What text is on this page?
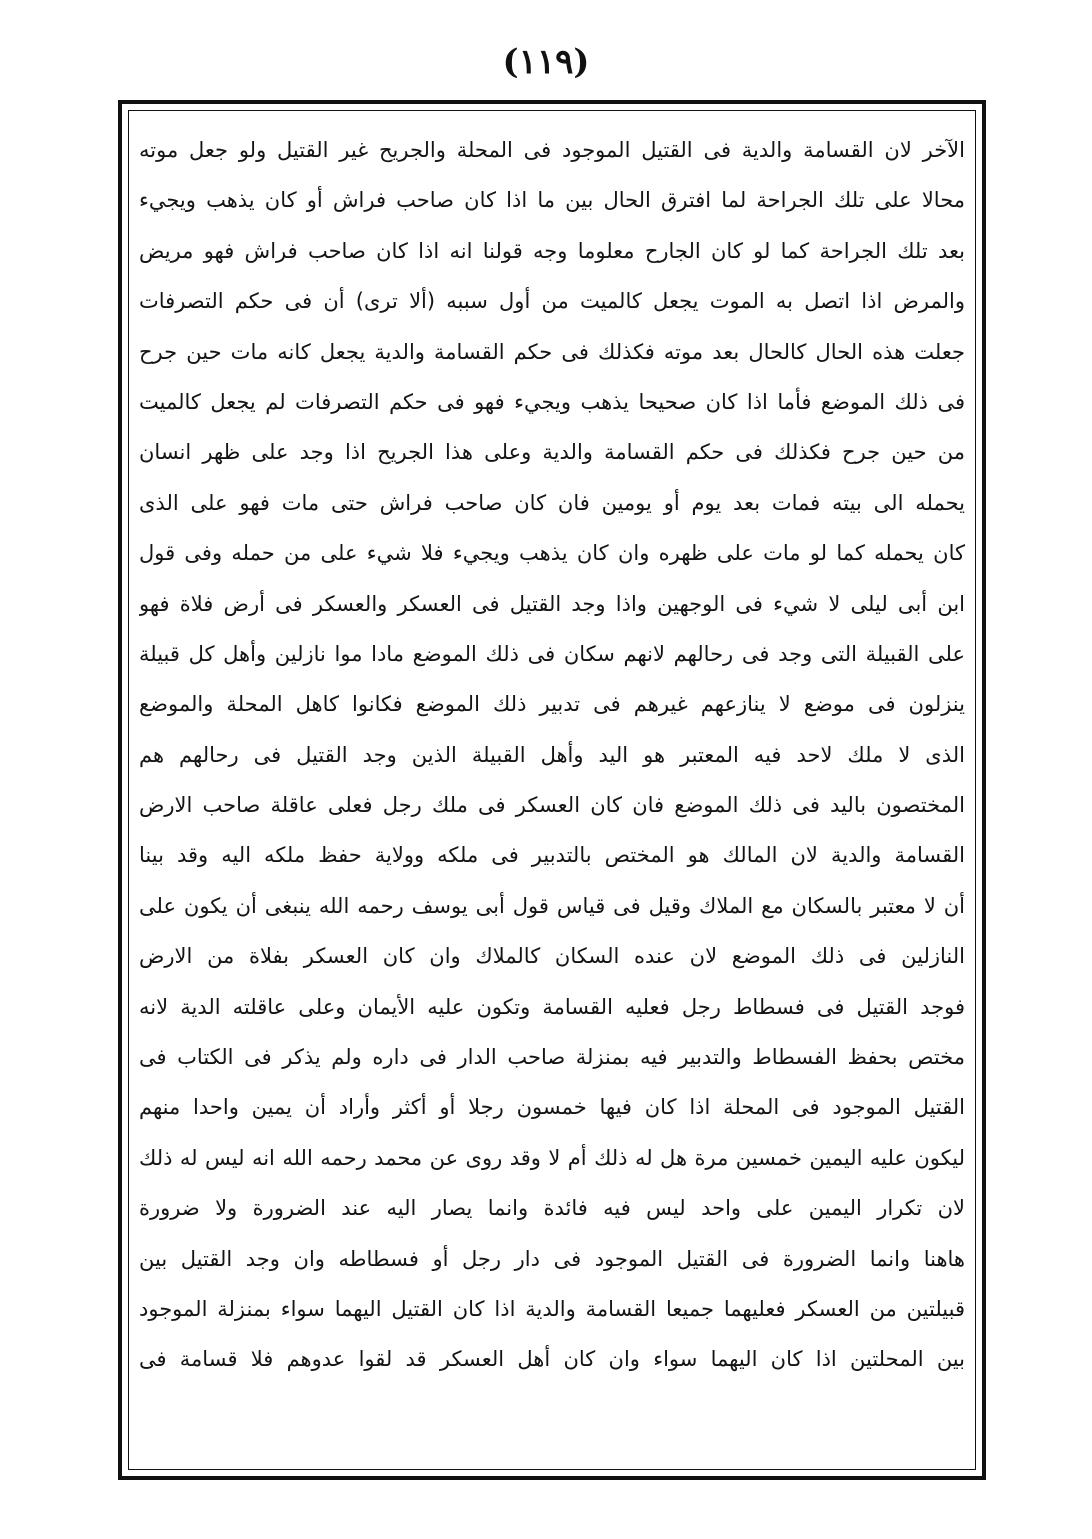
(١١٩)
الآخر لان القسامة والدية فى القتيل الموجود فى المحلة والجريح غير القتيل ولو جعل موته
محالا على تلك الجراحة لما افترق الحال بين ما اذا كان صاحب فراش أو كان يذهب ويجيء
بعد تلك الجراحة كما لو كان الجارح معلوما وجه قولنا انه اذا كان صاحب فراش فهو مريض
والمرض اذا اتصل به الموت يجعل كالميت من أول سببه (ألا ترى) أن فى حكم التصرفات
جعلت هذه الحال كالحال بعد موته فكذلك فى حكم القسامة والدية يجعل كانه مات حين جرح
فى ذلك الموضع فأما اذا كان صحيحا يذهب ويجيء فهو فى حكم التصرفات لم يجعل كالميت
من حين جرح فكذلك فى حكم القسامة والدية وعلى هذا الجريح اذا وجد على ظهر انسان
يحمله الى بيته فمات بعد يوم أو يومين فان كان صاحب فراش حتى مات فهو على الذى
كان يحمله كما لو مات على ظهره وان كان يذهب ويجيء فلا شيء على من حمله وفى قول
ابن أبى ليلى لا شيء فى الوجهين واذا وجد القتيل فى العسكر والعسكر فى أرض فلاة فهو
على القبيلة التى وجد فى رحالهم لانهم سكان فى ذلك الموضع مادا موا نازلين وأهل كل قبيلة
ينزلون فى موضع لا ينازعهم غيرهم فى تدبير ذلك الموضع فكانوا كاهل المحلة والموضع
الذى لا ملك لاحد فيه المعتبر هو اليد وأهل القبيلة الذين وجد القتيل فى رحالهم هم
المختصون باليد فى ذلك الموضع فان كان العسكر فى ملك رجل فعلى عاقلة صاحب الارض
القسامة والدية لان المالك هو المختص بالتدبير فى ملكه وولاية حفظ ملكه اليه وقد بينا
أن لا معتبر بالسكان مع الملاك وقيل فى قياس قول أبى يوسف رحمه الله ينبغى أن يكون على
النازلين فى ذلك الموضع لان عنده السكان كالملاك وان كان العسكر بفلاة من الارض
فوجد القتيل فى فسطاط رجل فعليه القسامة وتكون عليه الأيمان وعلى عاقلته الدية لانه
مختص بحفظ الفسطاط والتدبير فيه بمنزلة صاحب الدار فى داره ولم يذكر فى الكتاب فى
القتيل الموجود فى المحلة اذا كان فيها خمسون رجلا أو أكثر وأراد أن يمين واحدا منهم
ليكون عليه اليمين خمسين مرة هل له ذلك أم لا وقد روى عن محمد رحمه الله انه ليس له ذلك
لان تكرار اليمين على واحد ليس فيه فائدة وانما يصار اليه عند الضرورة ولا ضرورة
هاهنا وانما الضرورة فى القتيل الموجود فى دار رجل أو فسطاطه وان وجد القتيل بين
قبيلتين من العسكر فعليهما جميعا القسامة والدية اذا كان القتيل اليهما سواء بمنزلة الموجود
بين المحلتين اذا كان اليهما سواء وان كان أهل العسكر قد لقوا عدوهم فلا قسامة فى
